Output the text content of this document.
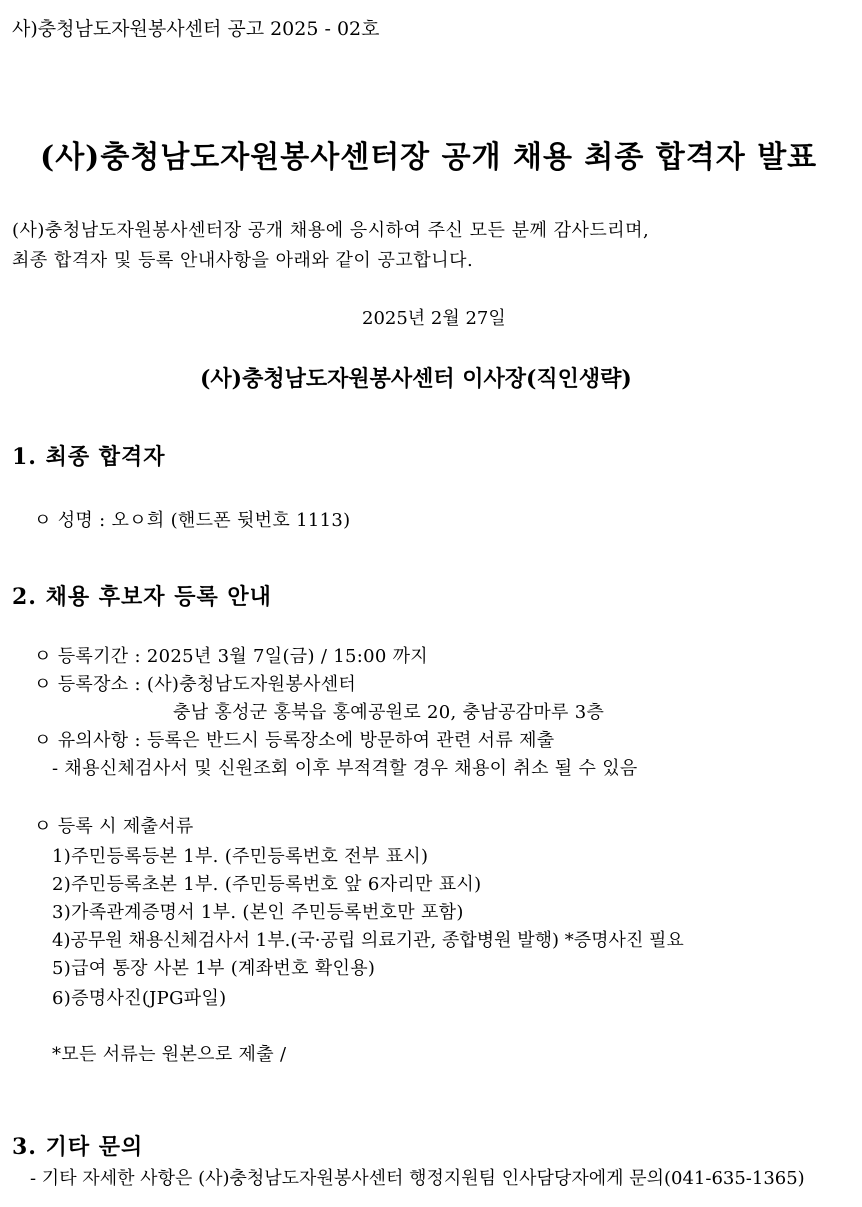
사)충청남도자원봉사센터 공고 2025 - 02호
(사)충청남도자원봉사센터장 공개 채용 최종 합격자 발표
(사)충청남도자원봉사센터장 공개 채용에 응시하여 주신 모든 분께 감사드리며,
최종 합격자 및 등록 안내사항을 아래와 같이 공고합니다.
2025년 2월 27일
(사)충청남도자원봉사센터 이사장(직인생략)
1. 최종 합격자
ㅇ 성명 : 오ㅇ희 (핸드폰 뒷번호 1113)
2. 채용 후보자 등록 안내
ㅇ 등록기간 : 2025년 3월 7일(금) / 15:00 까지
ㅇ 등록장소 : (사)충청남도자원봉사센터
충남 홍성군 홍북읍 홍예공원로 20, 충남공감마루 3층
ㅇ 유의사항 : 등록은 반드시 등록장소에 방문하여 관련 서류 제출
- 채용신체검사서 및 신원조회 이후 부적격할 경우 채용이 취소 될 수 있음
ㅇ 등록 시 제출서류
1)주민등록등본 1부. (주민등록번호 전부 표시)
2)주민등록초본 1부. (주민등록번호 앞 6자리만 표시)
3)가족관계증명서 1부. (본인 주민등록번호만 포함)
4)공무원 채용신체검사서 1부.(국·공립 의료기관, 종합병원 발행) *증명사진 필요
5)급여 통장 사본 1부 (계좌번호 확인용)
6)증명사진(JPG파일)
*모든 서류는 원본으로 제출 /
3. 기타 문의
- 기타 자세한 사항은 (사)충청남도자원봉사센터 행정지원팀 인사담당자에게 문의(041-635-1365)
